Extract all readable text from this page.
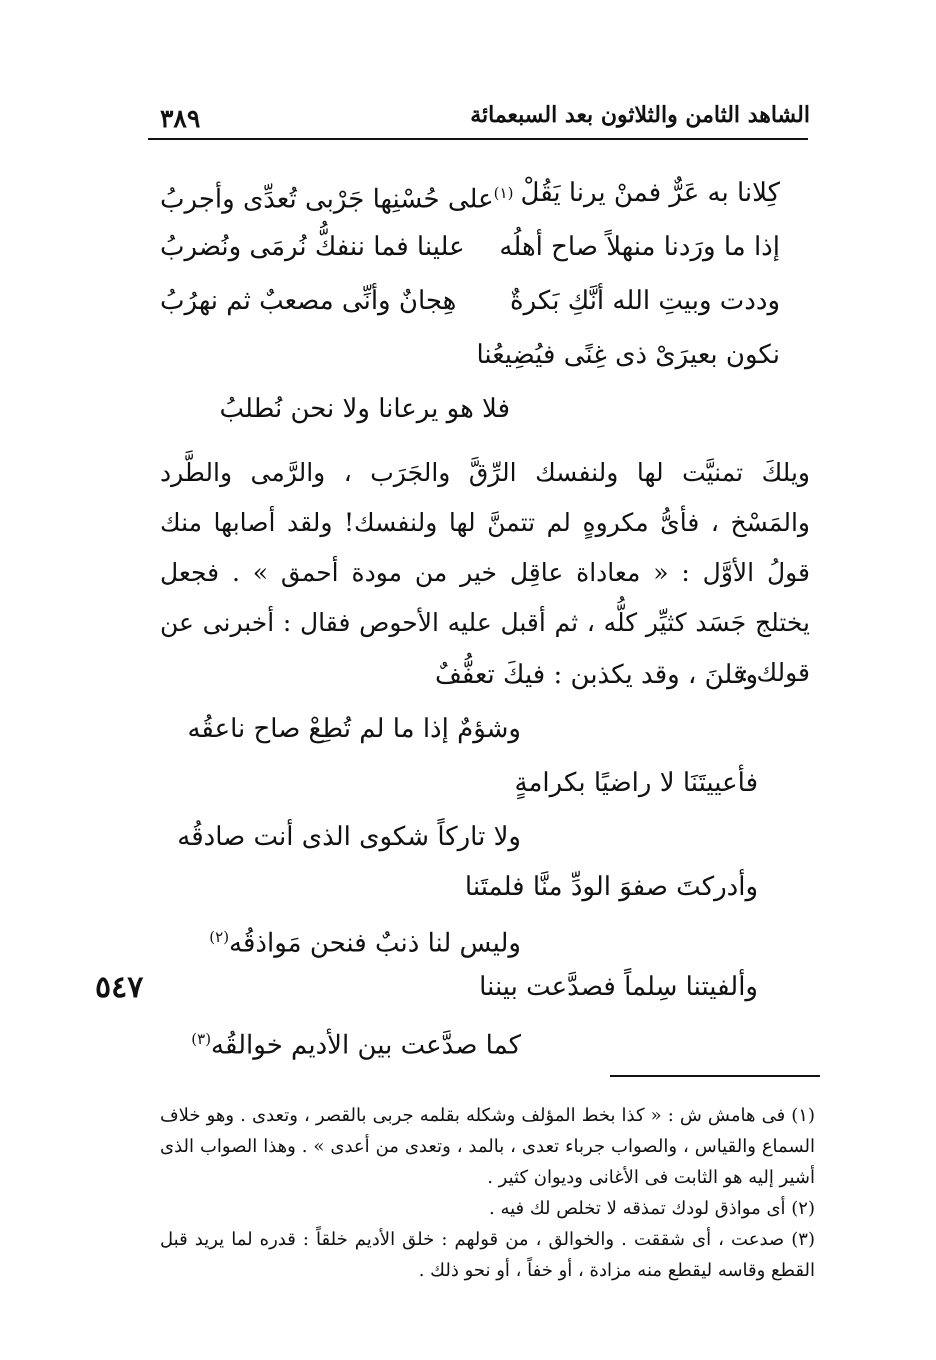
الشاهد الثامن والثلاثون بعد السبعمائة
٣٨٩
٥٤٧
كِلانا به عَرٌّ فمنْ يرنا يَقُلْ
$^{(١)}$على حُسْنِها جَرْبى تُعدِّى وأجربُ
إذا ما ورَدنا منهلاً صاح أهلُه
علينا فما ننفكُّ نُرمَى ونُضربُ
وددت وبيتِ الله أنَّكِ بَكرةٌ
هِجانٌ وأنِّى مصعبٌ ثم نهرُبُ
نكون بعيرَىْ ذى غِنًى فيُضِيعُنا
فلا هو يرعانا ولا نحن نُطلبُ

ويلكَ تمنيَّت لها ولنفسك الرِّقَّ والجَرَب ، والرَّمى والطَّرد والمَسْخ ، فأىُّ مكروهٍ لم تتمنَّ لها ولنفسك! ولقد أصابها منك قولُ الأوَّل : « معاداة عاقِل خير من مودة أحمق » . فجعل يختلج جَسَد كثيِّر كلُّه ، ثم أقبل عليه الأحوص فقال : أخبرنى عن قولك :

وقلنَ ، وقد يكذبن : فيكَ تعفُّفٌ
وشؤمٌ إذا ما لم تُطِعْ صاح ناعقُه
فأعييتَنَا لا راضيًا بكرامةٍ
ولا تاركاً شكوى الذى أنت صادقُه
وأدركتَ صفوَ الودِّ منَّا فلمتَنا
وليس لنا ذنبٌ فنحن مَواذقُه$^{(٢)}$
وألفيتنا سِلماً فصدَّعت بيننا
كما صدَّعت بين الأديم خوالقُه$^{(٣)}$

(١) فى هامش ش : « كذا بخط المؤلف وشكله بقلمه جربى بالقصر ، وتعدى . وهو خلاف السماع والقياس ، والصواب جرباء تعدى ، بالمد ، وتعدى من أعدى » . وهذا الصواب الذى أشير إليه هو الثابت فى الأغانى وديوان كثير .

(٢) أى مواذق لودك تمذقه لا تخلص لك فيه .

(٣) صدعت ، أى شققت . والخوالق ، من قولهم : خلق الأديم خلقاً : قدره لما يريد قبل القطع وقاسه ليقطع منه مزادة ، أو خفاً ، أو نحو ذلك .
